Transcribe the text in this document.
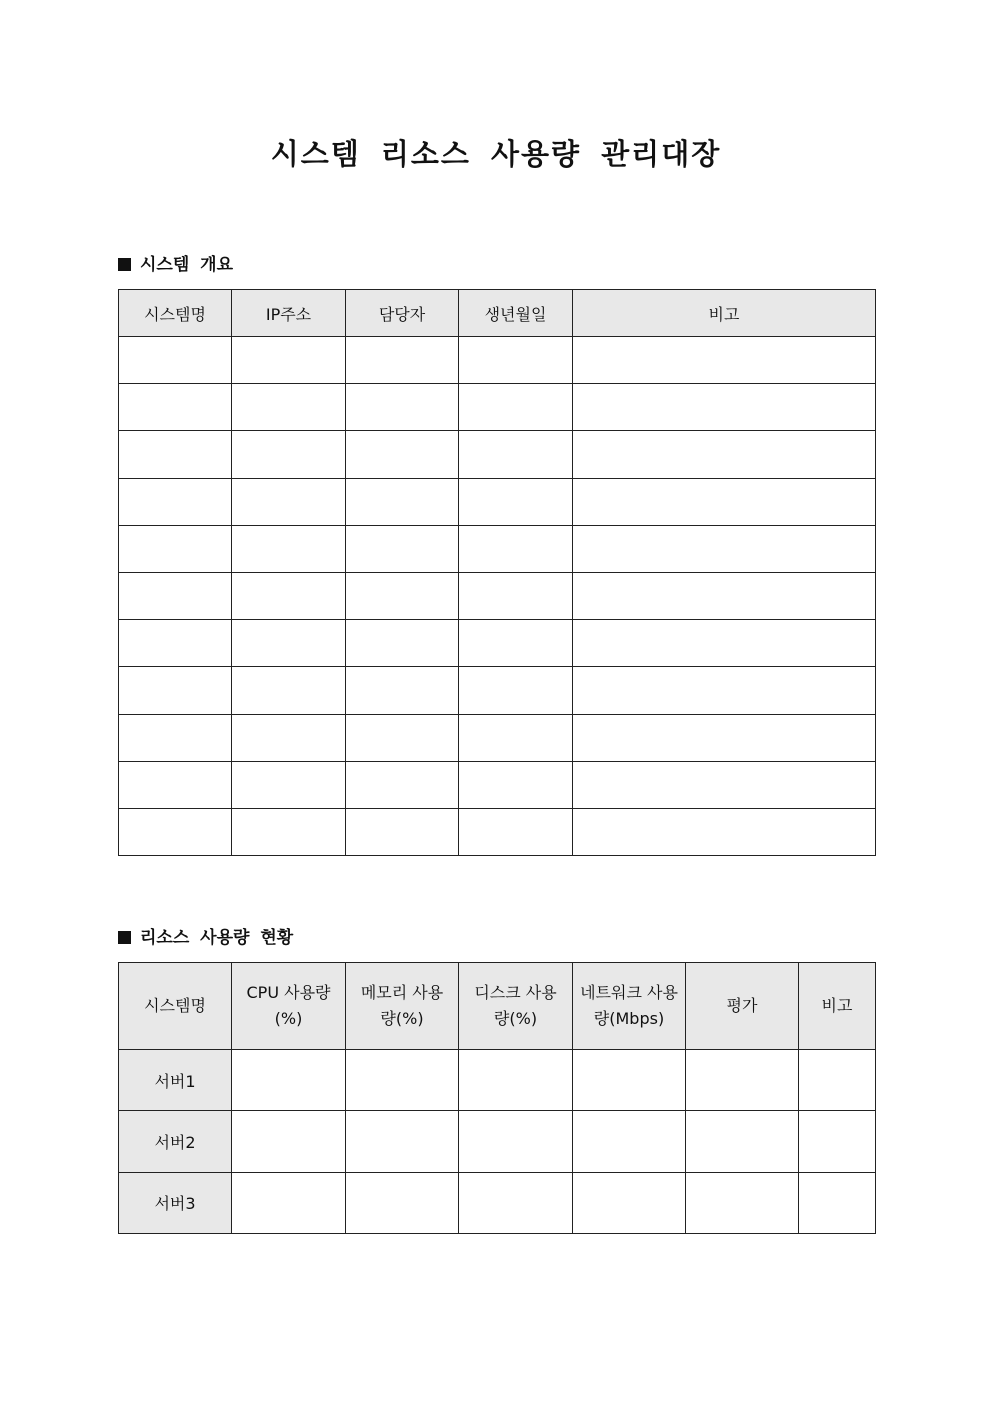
시스템 리소스 사용량 관리대장
시스템 개요
시스템명	IP주소	담당자	생년월일	비고

리소스 사용량 현황
시스템명	CPU 사용량(%)	메모리 사용량(%)	디스크 사용량(%)	네트워크 사용량(Mbps)	평가	비고
서버1						
서버2						
서버3						
